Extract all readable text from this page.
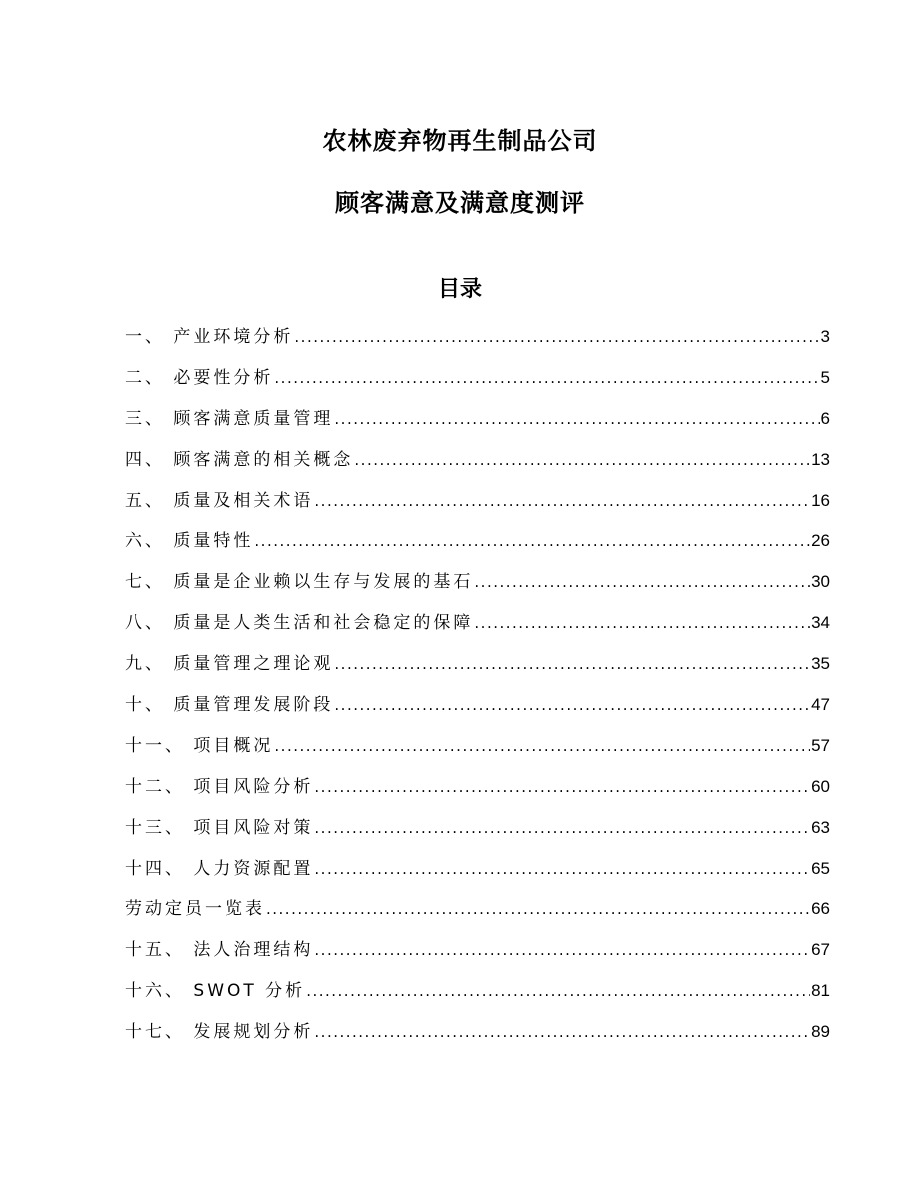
农林废弃物再生制品公司
顾客满意及满意度测评
目录
一、 产业环境分析 .....	3
二、 必要性分析 .....	5
三、 顾客满意质量管理 .....	6
四、 顾客满意的相关概念 .....	13
五、 质量及相关术语 .....	16
六、 质量特性 .....	26
七、 质量是企业赖以生存与发展的基石 .....	30
八、 质量是人类生活和社会稳定的保障 .....	34
九、 质量管理之理论观 .....	35
十、 质量管理发展阶段 .....	47
十一、 项目概况 .....	57
十二、 项目风险分析 .....	60
十三、 项目风险对策 .....	63
十四、 人力资源配置 .....	65
劳动定员一览表 .....	66
十五、 法人治理结构 .....	67
十六、 SWOT 分析 .....	81
十七、 发展规划分析 .....	89
